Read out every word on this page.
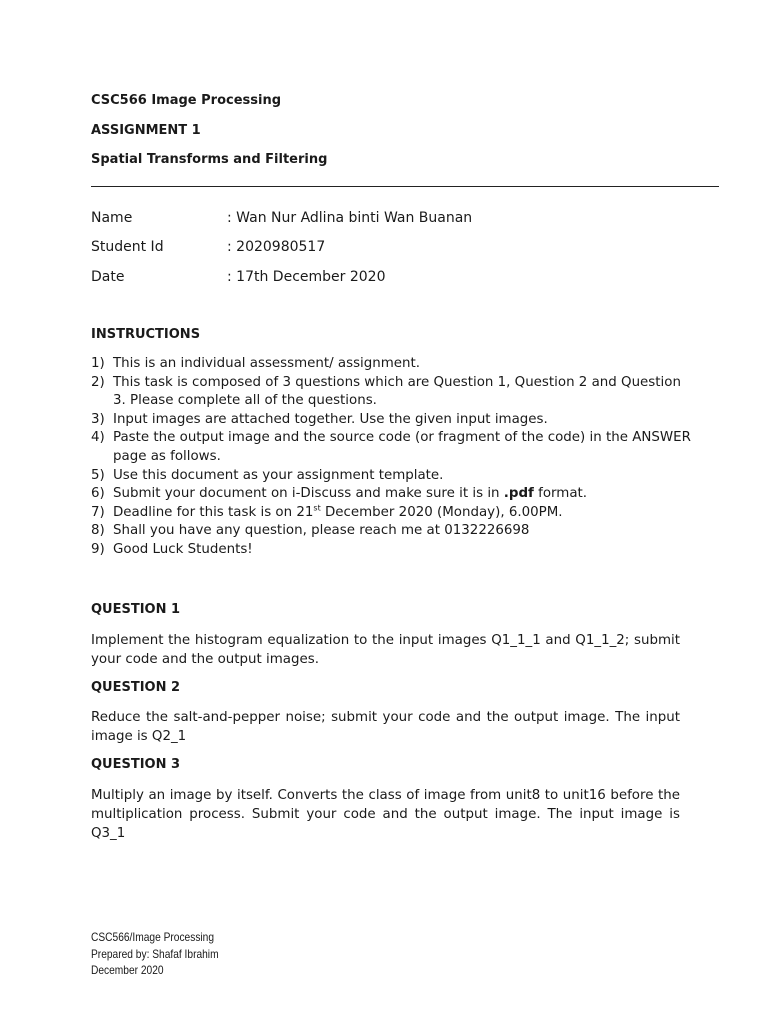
CSC566 Image Processing
ASSIGNMENT 1
Spatial Transforms and Filtering
Name	: Wan Nur Adlina binti Wan Buanan
Student Id	: 2020980517
Date	: 17th December 2020
INSTRUCTIONS
1) This is an individual assessment/ assignment.
2) This task is composed of 3 questions which are Question 1, Question 2 and Question 3. Please complete all of the questions.
3) Input images are attached together. Use the given input images.
4) Paste the output image and the source code (or fragment of the code) in the ANSWER page as follows.
5) Use this document as your assignment template.
6) Submit your document on i-Discuss and make sure it is in .pdf format.
7) Deadline for this task is on 21st December 2020 (Monday), 6.00PM.
8) Shall you have any question, please reach me at 0132226698
9) Good Luck Students!
QUESTION 1
Implement the histogram equalization to the input images Q1_1_1 and Q1_1_2; submit your code and the output images.
QUESTION 2
Reduce the salt-and-pepper noise; submit your code and the output image. The input image is Q2_1
QUESTION 3
Multiply an image by itself. Converts the class of image from unit8 to unit16 before the multiplication process. Submit your code and the output image. The input image is Q3_1
CSC566/Image Processing
Prepared by: Shafaf Ibrahim
December 2020
